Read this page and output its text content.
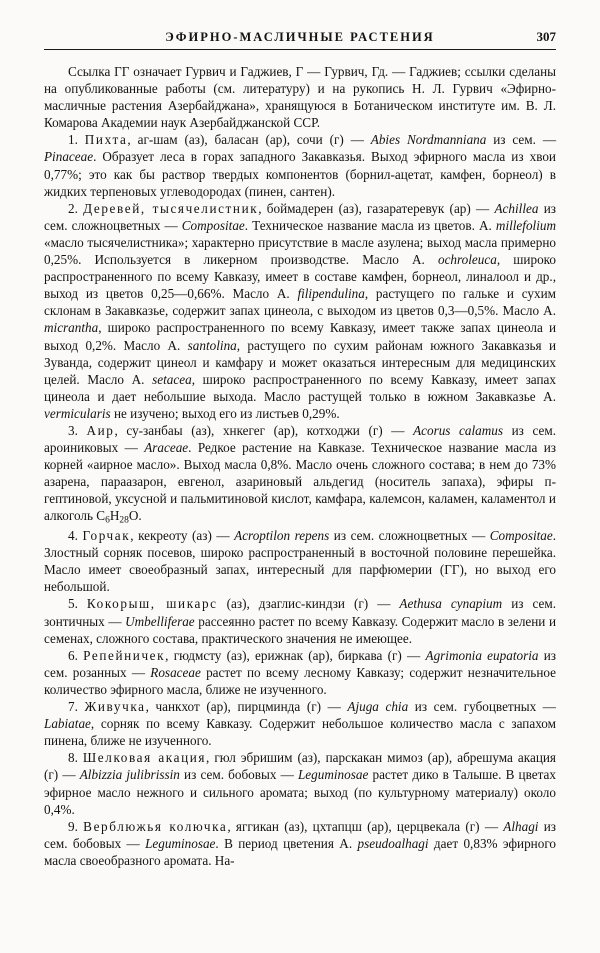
ЭФИРНО-МАСЛИЧНЫЕ РАСТЕНИЯ	307

Ссылка ГГ означает Гурвич и Гаджиев, Г — Гурвич, Гд. — Гаджиев; ссылки сделаны на опубликованные работы (см. литературу) и на рукопись Н. Л. Гурвич «Эфирно-масличные растения Азербайджана», хранящуюся в Ботаническом институте им. В. Л. Комарова Академии наук Азербайджанской ССР.

1. Пихта, аг-шам (аз), баласан (ар), сочи (г) — Abies Nordmanniana из сем. — Pinaceae. Образует леса в горах западного Закавказья. Выход эфирного масла из хвои 0,77%; это как бы раствор твердых компонентов (борнил-ацетат, камфен, борнеол) в жидких терпеновых углеводородах (пинен, сантен).

2. Деревей, тысячелистник, боймадерен (аз), газаратеревук (ар) — Achillea из сем. сложноцветных — Compositae. Техническое название масла из цветов. A. millefolium «масло тысячелистника»; характерно присутствие в масле азулена; выход масла примерно 0,25%. Используется в ликерном производстве. Масло A. ochroleuca, широко распространенного по всему Кавказу, имеет в составе камфен, борнеол, линалоол и др., выход из цветов 0,25—0,66%. Масло A. filipendulina, растущего по гальке и сухим склонам в Закавказье, содержит запах цинеола, с выходом из цветов 0,3—0,5%. Масло A. micrantha, широко распространенного по всему Кавказу, имеет также запах цинеола и выход 0,2%. Масло A. santolina, растущего по сухим районам южного Закавказья и Зуванда, содержит цинеол и камфару и может оказаться интересным для медицинских целей. Масло A. setacea, широко распространенного по всему Кавказу, имеет запах цинеола и дает небольшие выхода. Масло растущей только в южном Закавказье A. vermicularis не изучено; выход его из листьев 0,29%.

3. Аир, су-занбаы (аз), хнкегег (ар), котходжи (г) — Acorus calamus из сем. ароиниковых — Araceae. Редкое растение на Кавказе. Техническое название масла из корней «аирное масло». Выход масла 0,8%. Масло очень сложного состава; в нем до 73% азарена, параазарон, евгенол, азариновый альдегид (носитель запаха), эфиры п-гептиновой, уксусной и пальмитиновой кислот, камфара, калемсон, каламен, каламентол и алкоголь $C_6H_{28}O$.

4. Горчак, кекреоту (аз) — Acroptilon repens из сем. сложноцветных — Compositae. Злостный сорняк посевов, широко распространенный в восточной половине перешейка. Масло имеет своеобразный запах, интересный для парфюмерии (ГГ), но выход его небольшой.

5. Кокорыш, шикарс (аз), дзаглис-киндзи (г) — Aethusa cynapium из сем. зонтичных — Umbelliferae рассеянно растет по всему Кавказу. Содержит масло в зелени и семенах, сложного состава, практического значения не имеющее.

6. Репейничек, гюдмсту (аз), ерижнак (ар), биркава (г) — Agrimonia eupatoria из сем. розанных — Rosaceae растет по всему лесному Кавказу; содержит незначительное количество эфирного масла, ближе не изученного.

7. Живучка, чанкхот (ар), пирцминда (г) — Ajuga chia из сем. губоцветных — Labiatae, сорняк по всему Кавказу. Содержит небольшое количество масла с запахом пинена, ближе не изученного.

8. Шелковая акация, гюл эбришим (аз), парскакан мимоз (ар), абрешума акация (г) — Albizzia julibrissin из сем. бобовых — Leguminosae растет дико в Талыше. В цветах эфирное масло нежного и сильного аромата; выход (по культурному материалу) около 0,4%.

9. Верблюжья колючка, яггикан (аз), цхтапцш (ар), церцвекала (г) — Alhagi из сем. бобовых — Leguminosae. В период цветения A. pseudoalhagi дает 0,83% эфирного масла своеобразного аромата. На-
